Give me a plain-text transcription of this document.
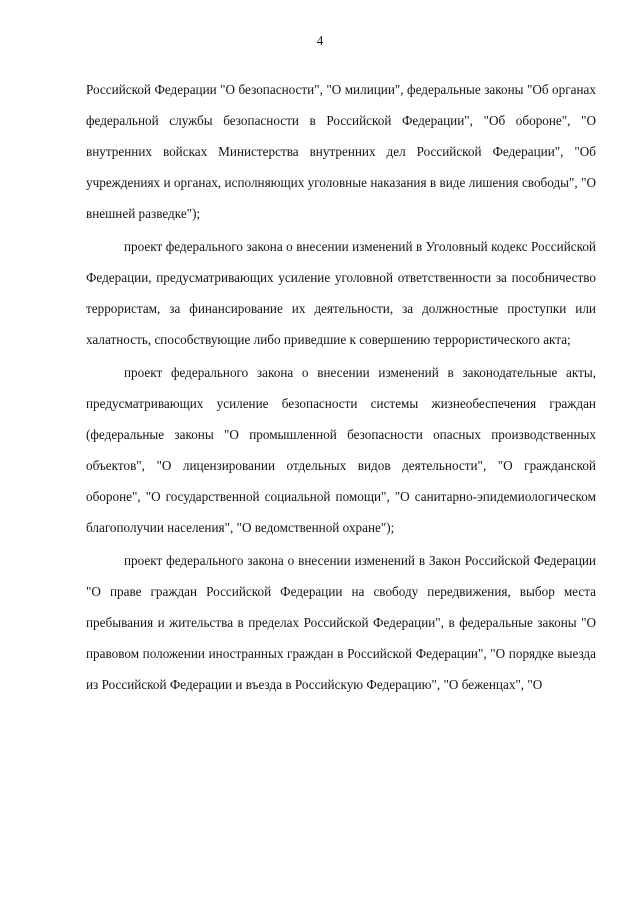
4

Российской Федерации "О безопасности", "О милиции", федеральные законы "Об органах федеральной службы безопасности в Российской Федерации", "Об обороне", "О внутренних войсках Министерства внутренних дел Российской Федерации", "Об учреждениях и органах, исполняющих уголовные наказания в виде лишения свободы", "О внешней разведке");

проект федерального закона о внесении изменений в Уголовный кодекс Российской Федерации, предусматривающих усиление уголовной ответственности за пособничество террористам, за финансирование их деятельности, за должностные проступки или халатность, способствующие либо приведшие к совершению террористического акта;

проект федерального закона о внесении изменений в законодательные акты, предусматривающих усиление безопасности системы жизнеобеспечения граждан (федеральные законы "О промышленной безопасности опасных производственных объектов", "О лицензировании отдельных видов деятельности", "О гражданской обороне", "О государственной социальной помощи", "О санитарно-эпидемиологическом благополучии населения", "О ведомственной охране");

проект федерального закона о внесении изменений в Закон Российской Федерации "О праве граждан Российской Федерации на свободу передвижения, выбор места пребывания и жительства в пределах Российской Федерации", в федеральные законы "О правовом положении иностранных граждан в Российской Федерации", "О порядке выезда из Российской Федерации и въезда в Российскую Федерацию", "О беженцах", "О
